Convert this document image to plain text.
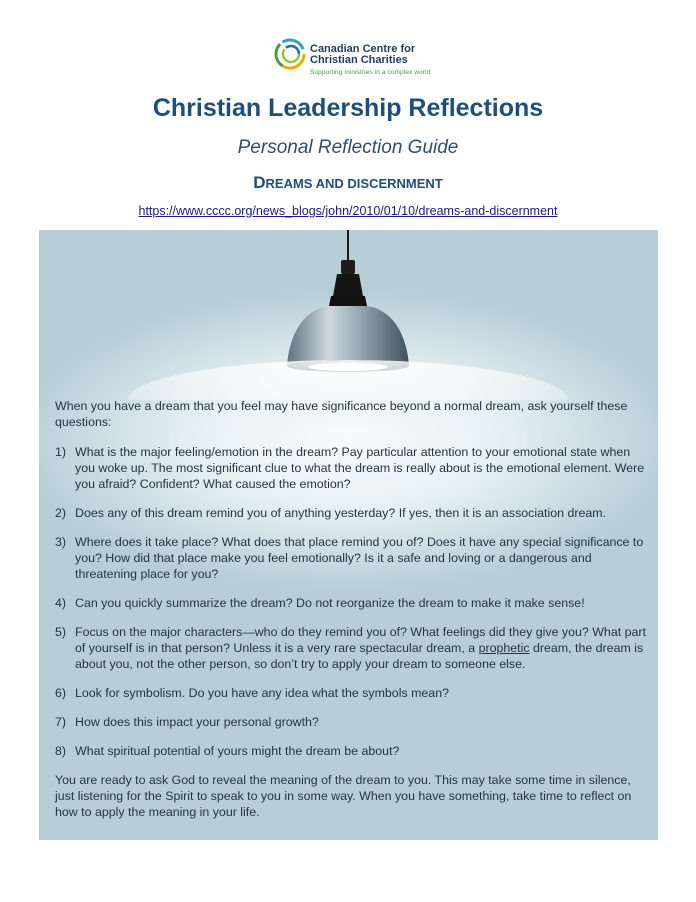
Canadian Centre for
Christian Charities
Supporting ministries in a complex world
Christian Leadership Reflections
Personal Reflection Guide
DREAMS AND DISCERNMENT
https://www.cccc.org/news_blogs/john/2010/01/10/dreams-and-discernment

When you have a dream that you feel may have significance beyond a normal dream, ask yourself these questions:

1) What is the major feeling/emotion in the dream? Pay particular attention to your emotional state when you woke up. The most significant clue to what the dream is really about is the emotional element. Were you afraid? Confident? What caused the emotion?
2) Does any of this dream remind you of anything yesterday? If yes, then it is an association dream.
3) Where does it take place? What does that place remind you of? Does it have any special significance to you? How did that place make you feel emotionally? Is it a safe and loving or a dangerous and threatening place for you?
4) Can you quickly summarize the dream? Do not reorganize the dream to make it make sense!
5) Focus on the major characters—who do they remind you of? What feelings did they give you? What part of yourself is in that person? Unless it is a very rare spectacular dream, a prophetic dream, the dream is about you, not the other person, so don’t try to apply your dream to someone else.
6) Look for symbolism. Do you have any idea what the symbols mean?
7) How does this impact your personal growth?
8) What spiritual potential of yours might the dream be about?

You are ready to ask God to reveal the meaning of the dream to you. This may take some time in silence, just listening for the Spirit to speak to you in some way. When you have something, take time to reflect on how to apply the meaning in your life.
